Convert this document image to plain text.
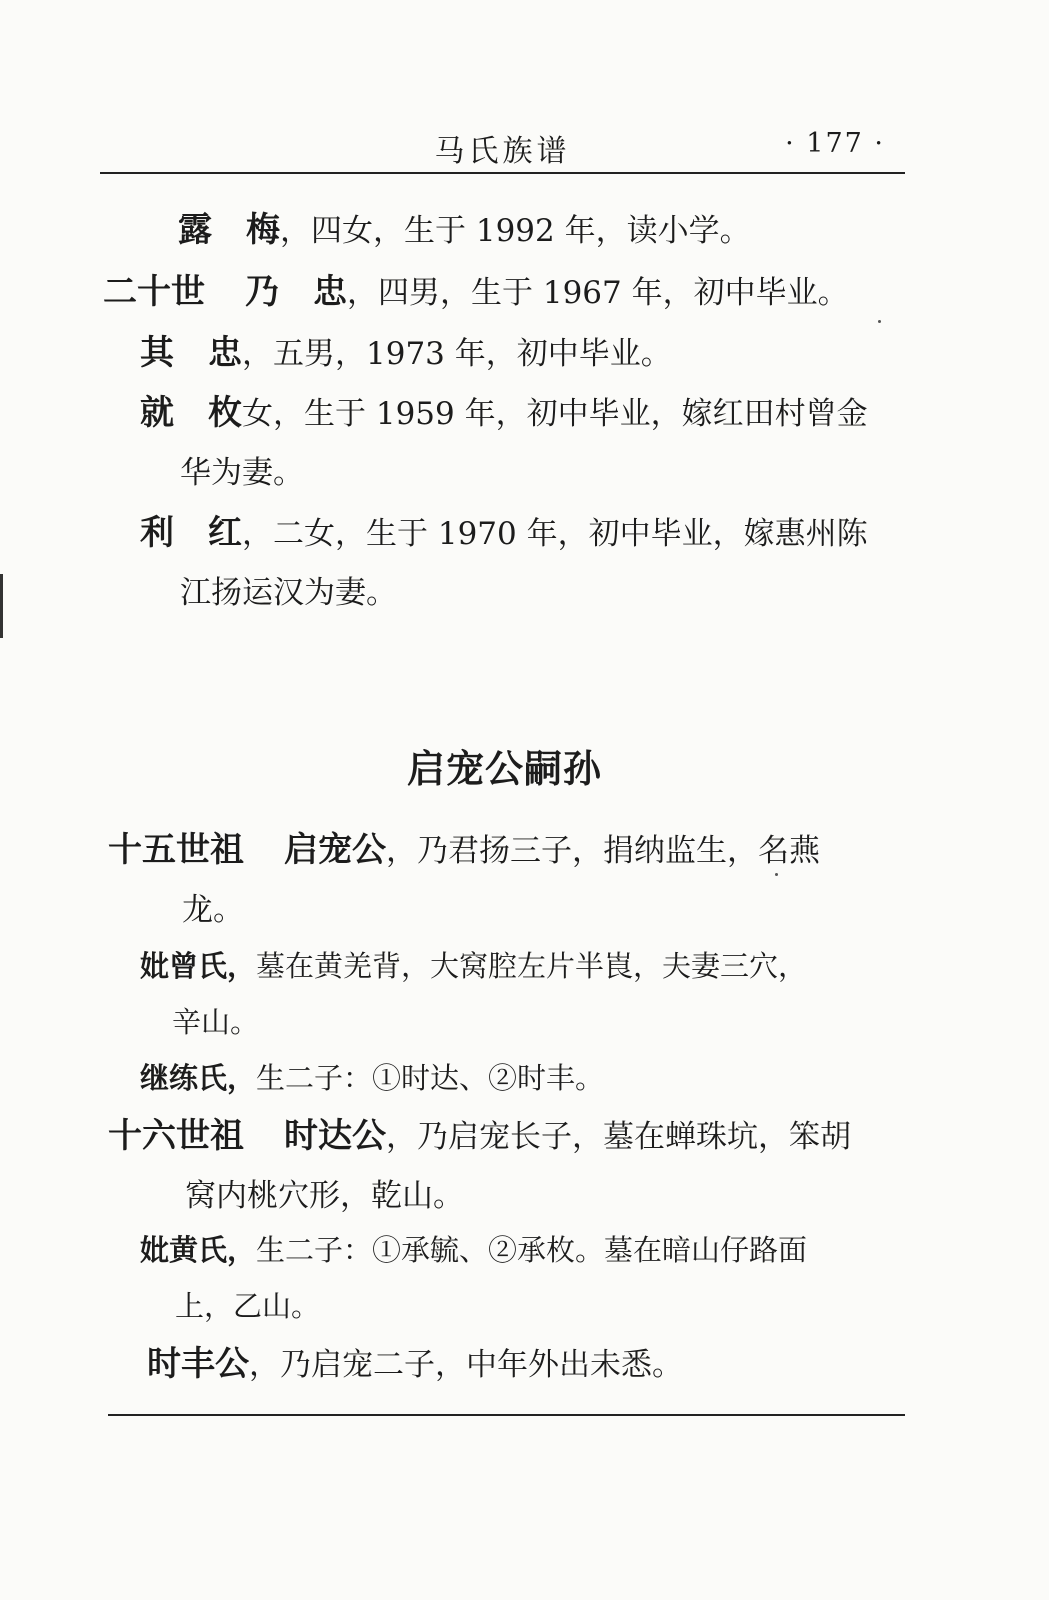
马氏族谱	· 177 ·
露　梅，四女，生于 1992 年，读小学。
二十世 乃　忠，四男，生于 1967 年，初中毕业。
其　忠，五男，1973 年，初中毕业。
就　枚女，生于 1959 年，初中毕业，嫁红田村曾金
华为妻。
利　红，二女，生于 1970 年，初中毕业，嫁惠州陈
江扬运汉为妻。
启宠公嗣孙
十五世祖 启宠公，乃君扬三子，捐纳监生，名燕
龙。
妣曾氏，墓在黄羌背，大窝腔左片半崀，夫妻三穴，
辛山。
继练氏，生二子：①时达、②时丰。
十六世祖 时达公，乃启宠长子，墓在蝉珠坑，笨胡
窝内桃穴形，乾山。
妣黄氏，生二子：①承毓、②承枚。墓在暗山仔路面
上，乙山。
时丰公，乃启宠二子，中年外出未悉。
